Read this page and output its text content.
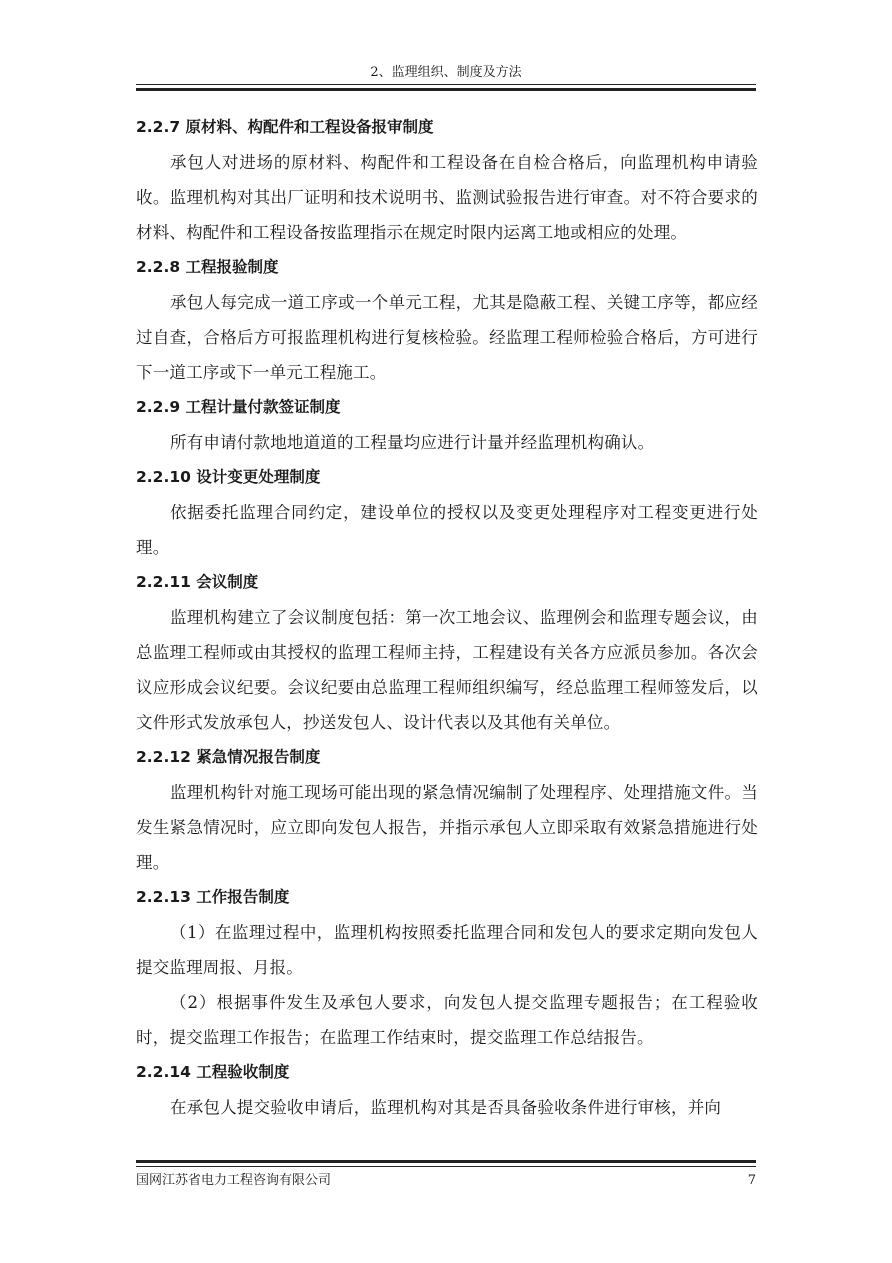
2、监理组织、制度及方法
2.2.7 原材料、构配件和工程设备报审制度

承包人对进场的原材料、构配件和工程设备在自检合格后，向监理机构申请验收。监理机构对其出厂证明和技术说明书、监测试验报告进行审查。对不符合要求的材料、构配件和工程设备按监理指示在规定时限内运离工地或相应的处理。

2.2.8 工程报验制度

承包人每完成一道工序或一个单元工程，尤其是隐蔽工程、关键工序等，都应经过自查，合格后方可报监理机构进行复核检验。经监理工程师检验合格后，方可进行下一道工序或下一单元工程施工。

2.2.9 工程计量付款签证制度

所有申请付款地地道道的工程量均应进行计量并经监理机构确认。

2.2.10 设计变更处理制度

依据委托监理合同约定，建设单位的授权以及变更处理程序对工程变更进行处理。

2.2.11 会议制度

监理机构建立了会议制度包括：第一次工地会议、监理例会和监理专题会议，由总监理工程师或由其授权的监理工程师主持，工程建设有关各方应派员参加。各次会议应形成会议纪要。会议纪要由总监理工程师组织编写，经总监理工程师签发后，以文件形式发放承包人，抄送发包人、设计代表以及其他有关单位。

2.2.12 紧急情况报告制度

监理机构针对施工现场可能出现的紧急情况编制了处理程序、处理措施文件。当发生紧急情况时，应立即向发包人报告，并指示承包人立即采取有效紧急措施进行处理。

2.2.13 工作报告制度

（1）在监理过程中，监理机构按照委托监理合同和发包人的要求定期向发包人提交监理周报、月报。

（2）根据事件发生及承包人要求，向发包人提交监理专题报告；在工程验收时，提交监理工作报告；在监理工作结束时，提交监理工作总结报告。

2.2.14 工程验收制度

在承包人提交验收申请后，监理机构对其是否具备验收条件进行审核，并向

国网江苏省电力工程咨询有限公司	7
